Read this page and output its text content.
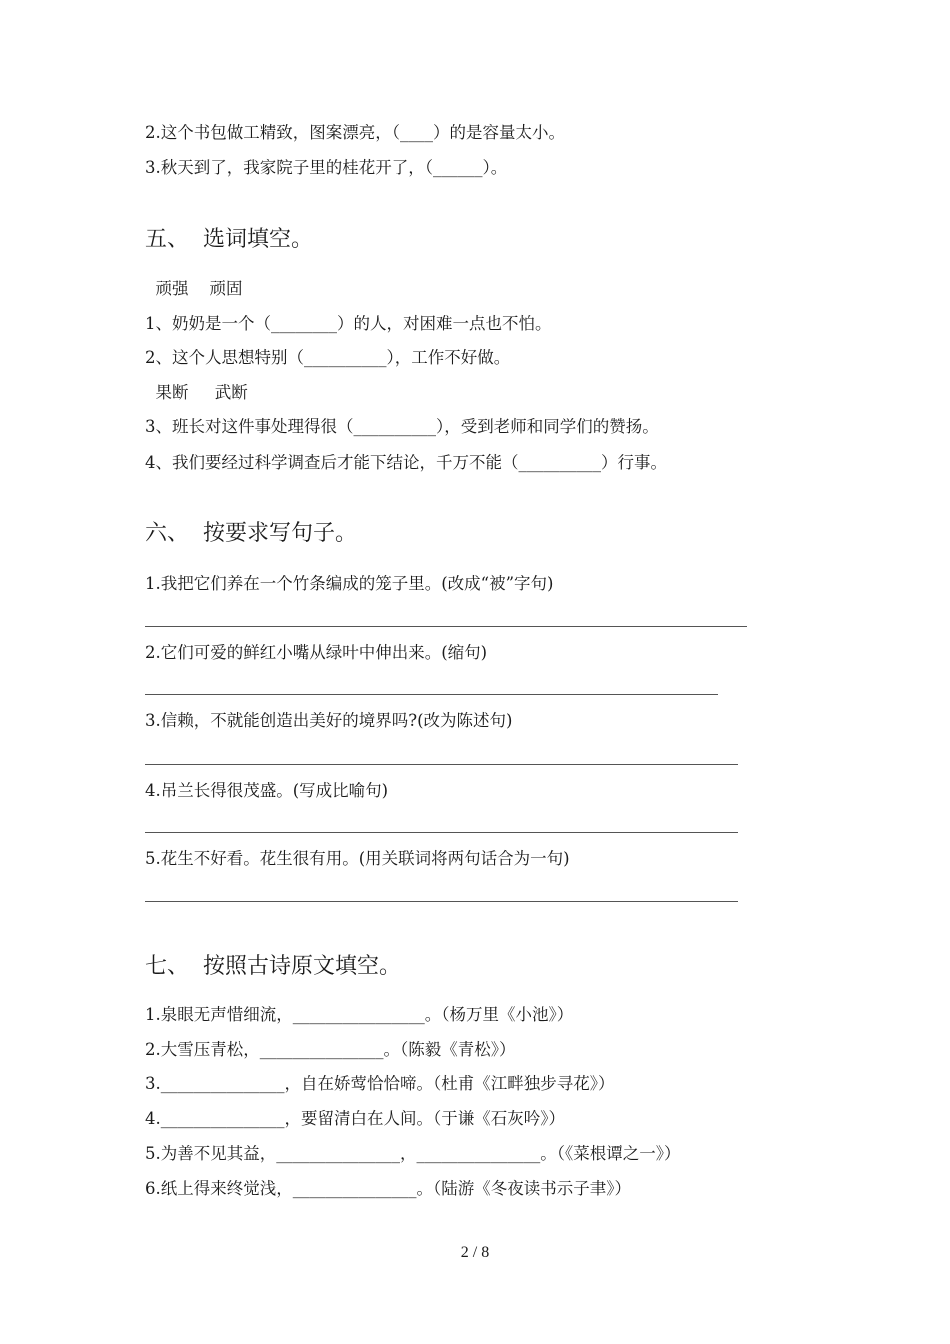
2.这个书包做工精致，图案漂亮，（____）的是容量太小。

3.秋天到了，我家院子里的桂花开了，（______）。

五、  选词填空。

顽强    顽固

1、奶奶是一个（________）的人，对困难一点也不怕。

2、这个人思想特别（__________），工作不好做。

果断     武断

3、班长对这件事处理得很（__________），受到老师和同学们的赞扬。

4、我们要经过科学调查后才能下结论，千万不能（__________）行事。

六、  按要求写句子。

1.我把它们养在一个竹条编成的笼子里。(改成“被”字句)

2.它们可爱的鲜红小嘴从绿叶中伸出来。(缩句)

3.信赖，不就能创造出美好的境界吗?(改为陈述句)

4.吊兰长得很茂盛。(写成比喻句)

5.花生不好看。花生很有用。(用关联词将两句话合为一句)

七、  按照古诗原文填空。

1.泉眼无声惜细流，________________。（杨万里《小池》）

2.大雪压青松，_______________。（陈毅《青松》）

3._______________，自在娇莺恰恰啼。（杜甫《江畔独步寻花》）

4._______________，要留清白在人间。（于谦《石灰吟》）

5.为善不见其益，_______________，_______________。（《菜根谭之一》）

6.纸上得来终觉浅，_______________。（陆游《冬夜读书示子聿》）

2 / 8
